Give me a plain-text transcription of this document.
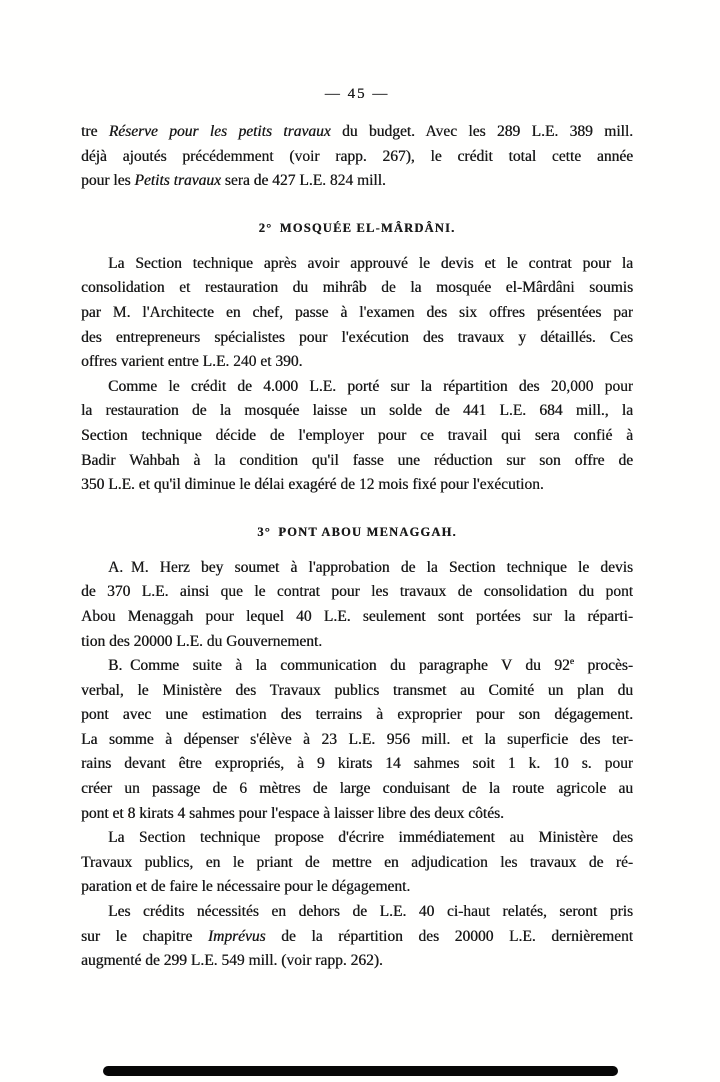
— 45 —
tre Réserve pour les petits travaux du budget. Avec les 289 L.E. 389 mill.
déjà ajoutés précédemment (voir rapp. 267), le crédit total cette année
pour les Petits travaux sera de 427 L.E. 824 mill.
2° MOSQUÉE EL-MÂRDÂNI.
La Section technique après avoir approuvé le devis et le contrat pour la
consolidation et restauration du mihrâb de la mosquée el-Mârdâni soumis
par M. l'Architecte en chef, passe à l'examen des six offres présentées par
des entrepreneurs spécialistes pour l'exécution des travaux y détaillés. Ces
offres varient entre L.E. 240 et 390.
Comme le crédit de 4.000 L.E. porté sur la répartition des 20,000 pour
la restauration de la mosquée laisse un solde de 441 L.E. 684 mill., la
Section technique décide de l'employer pour ce travail qui sera confié à
Badir Wahbah à la condition qu'il fasse une réduction sur son offre de
350 L.E. et qu'il diminue le délai exagéré de 12 mois fixé pour l'exécution.
3° PONT ABOU MENAGGAH.
A. M. Herz bey soumet à l'approbation de la Section technique le devis
de 370 L.E. ainsi que le contrat pour les travaux de consolidation du pont
Abou Menaggah pour lequel 40 L.E. seulement sont portées sur la réparti-
tion des 20000 L.E. du Gouvernement.
B. Comme suite à la communication du paragraphe V du 92e procès-
verbal, le Ministère des Travaux publics transmet au Comité un plan du
pont avec une estimation des terrains à exproprier pour son dégagement.
La somme à dépenser s'élève à 23 L.E. 956 mill. et la superficie des ter-
rains devant être expropriés, à 9 kirats 14 sahmes soit 1 k. 10 s. pour
créer un passage de 6 mètres de large conduisant de la route agricole au
pont et 8 kirats 4 sahmes pour l'espace à laisser libre des deux côtés.
La Section technique propose d'écrire immédiatement au Ministère des
Travaux publics, en le priant de mettre en adjudication les travaux de ré-
paration et de faire le nécessaire pour le dégagement.
Les crédits nécessités en dehors de L.E. 40 ci-haut relatés, seront pris
sur le chapitre Imprévus de la répartition des 20000 L.E. dernièrement
augmenté de 299 L.E. 549 mill. (voir rapp. 262).
